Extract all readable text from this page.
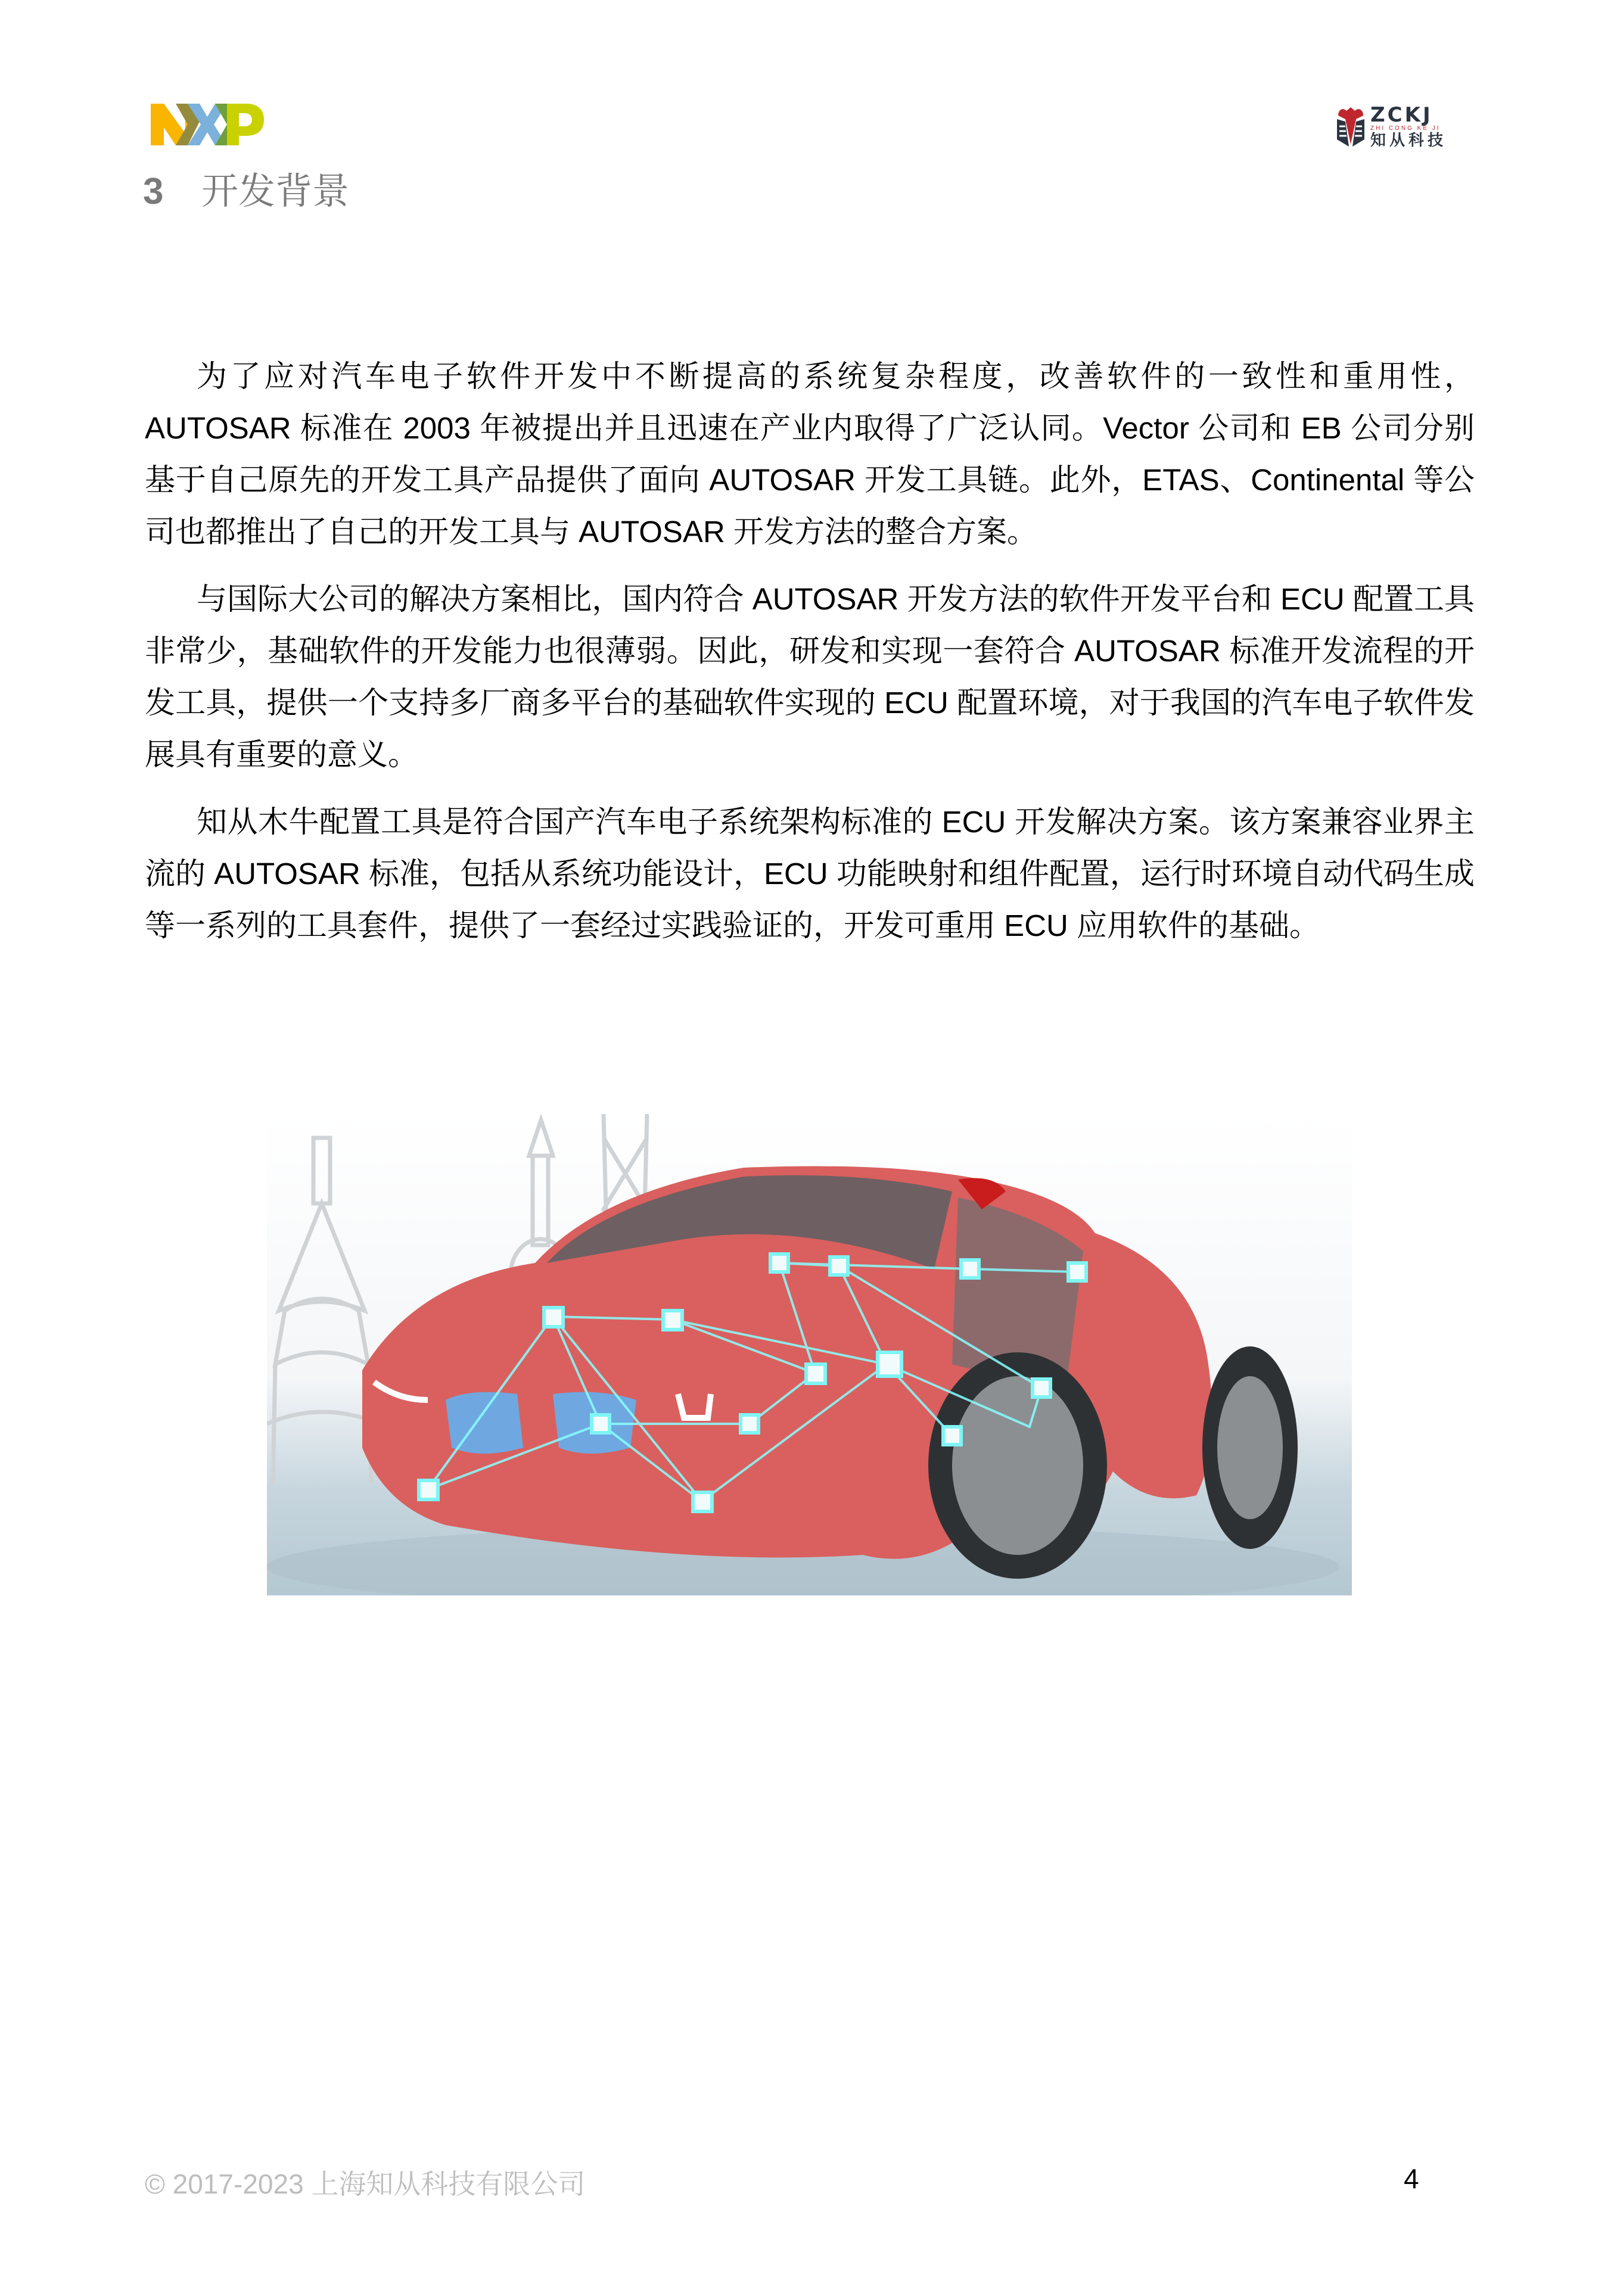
ZCKJ
ZHI CONG KE JI
知从科技
3 开发背景

为了应对汽车电子软件开发中不断提高的系统复杂程度，改善软件的一致性和重用性，AUTOSAR 标准在 2003 年被提出并且迅速在产业内取得了广泛认同。Vector 公司和 EB 公司分别基于自己原先的开发工具产品提供了面向 AUTOSAR 开发工具链。此外，ETAS、Continental 等公司也都推出了自己的开发工具与 AUTOSAR 开发方法的整合方案。

与国际大公司的解决方案相比，国内符合 AUTOSAR 开发方法的软件开发平台和 ECU 配置工具非常少，基础软件的开发能力也很薄弱。因此，研发和实现一套符合 AUTOSAR 标准开发流程的开发工具，提供一个支持多厂商多平台的基础软件实现的 ECU 配置环境，对于我国的汽车电子软件发展具有重要的意义。

知从木牛配置工具是符合国产汽车电子系统架构标准的 ECU 开发解决方案。该方案兼容业界主流的 AUTOSAR 标准，包括从系统功能设计，ECU 功能映射和组件配置，运行时环境自动代码生成等一系列的工具套件，提供了一套经过实践验证的，开发可重用 ECU 应用软件的基础。

© 2017-2023 上海知从科技有限公司	4
